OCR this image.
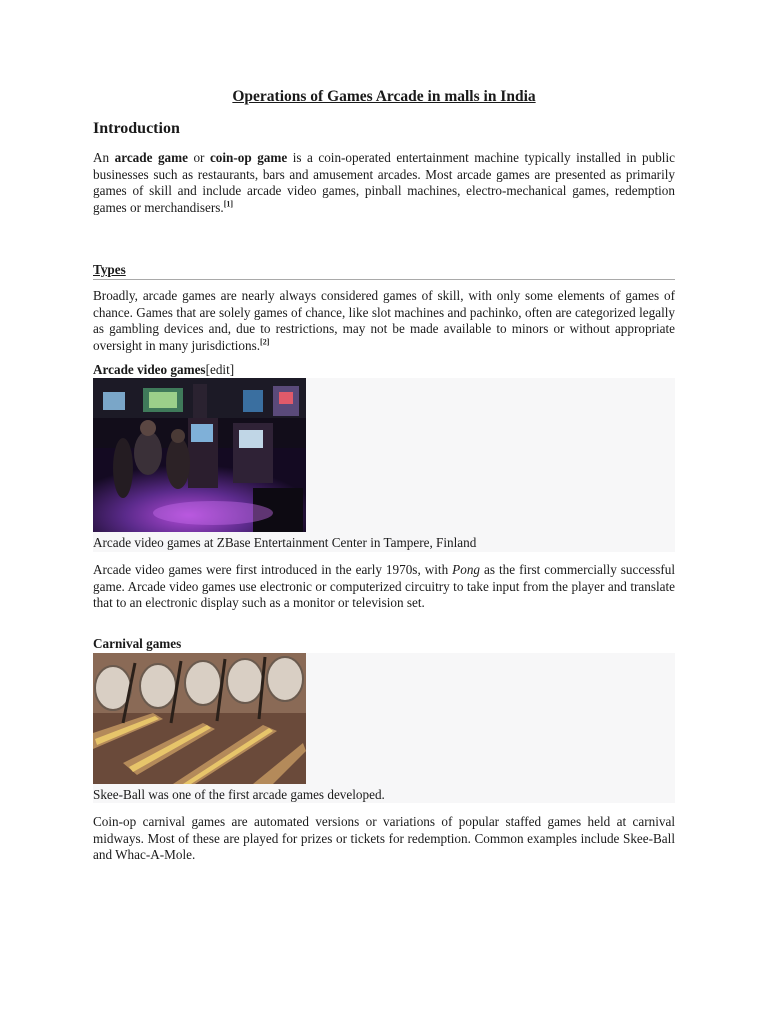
Operations of Games Arcade in malls in India
Introduction
An arcade game or coin-op game is a coin-operated entertainment machine typically installed in public businesses such as restaurants, bars and amusement arcades. Most arcade games are presented as primarily games of skill and include arcade video games, pinball machines, electro-mechanical games, redemption games or merchandisers.[1]
Types
Broadly, arcade games are nearly always considered games of skill, with only some elements of games of chance. Games that are solely games of chance, like slot machines and pachinko, often are categorized legally as gambling devices and, due to restrictions, may not be made available to minors or without appropriate oversight in many jurisdictions.[2]
Arcade video games[edit]
Arcade video games at ZBase Entertainment Center in Tampere, Finland
Arcade video games were first introduced in the early 1970s, with Pong as the first commercially successful game. Arcade video games use electronic or computerized circuitry to take input from the player and translate that to an electronic display such as a monitor or television set.
Carnival games
Skee-Ball was one of the first arcade games developed.
Coin-op carnival games are automated versions or variations of popular staffed games held at carnival midways. Most of these are played for prizes or tickets for redemption. Common examples include Skee-Ball and Whac-A-Mole.
